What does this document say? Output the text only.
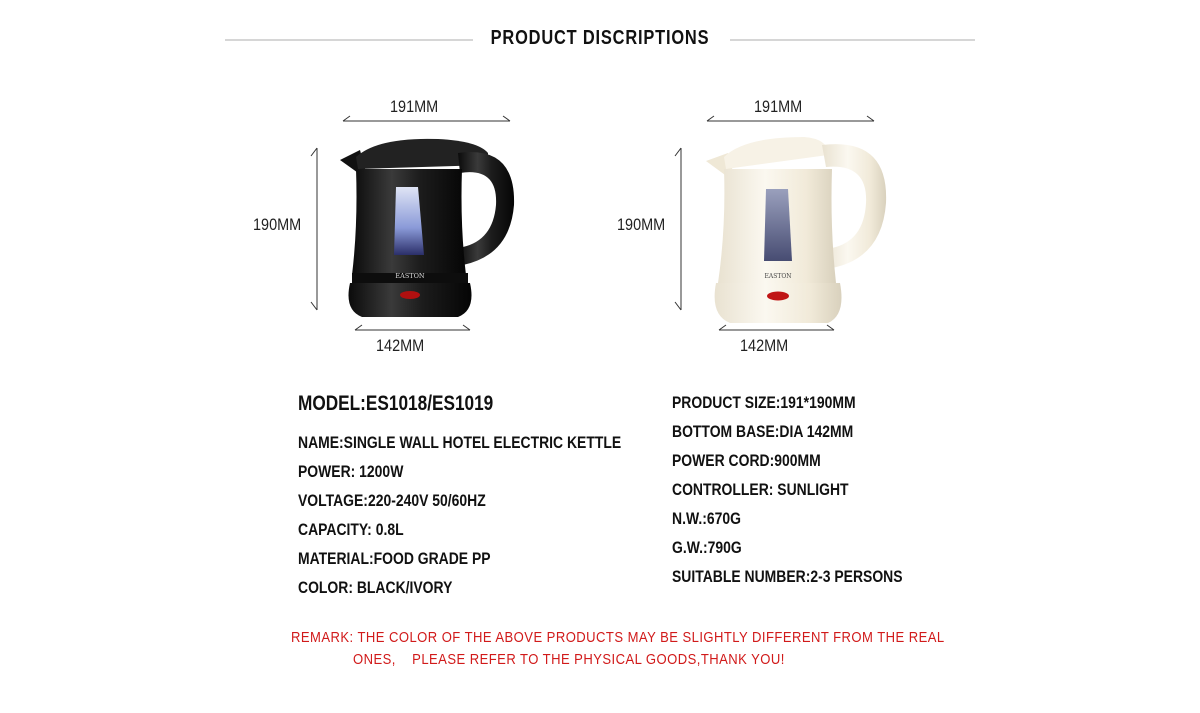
PRODUCT DISCRIPTIONS
191MM
190MM
142MM
EASTON
191MM
190MM
142MM
EASTON
MODEL:ES1018/ES1019
NAME:SINGLE WALL HOTEL ELECTRIC KETTLE
POWER: 1200W
VOLTAGE:220-240V 50/60HZ
CAPACITY: 0.8L
MATERIAL:FOOD GRADE PP
COLOR: BLACK/IVORY
PRODUCT SIZE:191*190MM
BOTTOM BASE:DIA 142MM
POWER CORD:900MM
CONTROLLER: SUNLIGHT
N.W.:670G
G.W.:790G
SUITABLE NUMBER:2-3 PERSONS
REMARK: THE COLOR OF THE ABOVE PRODUCTS MAY BE SLIGHTLY DIFFERENT FROM THE REAL
ONES,    PLEASE REFER TO THE PHYSICAL GOODS,THANK YOU!
